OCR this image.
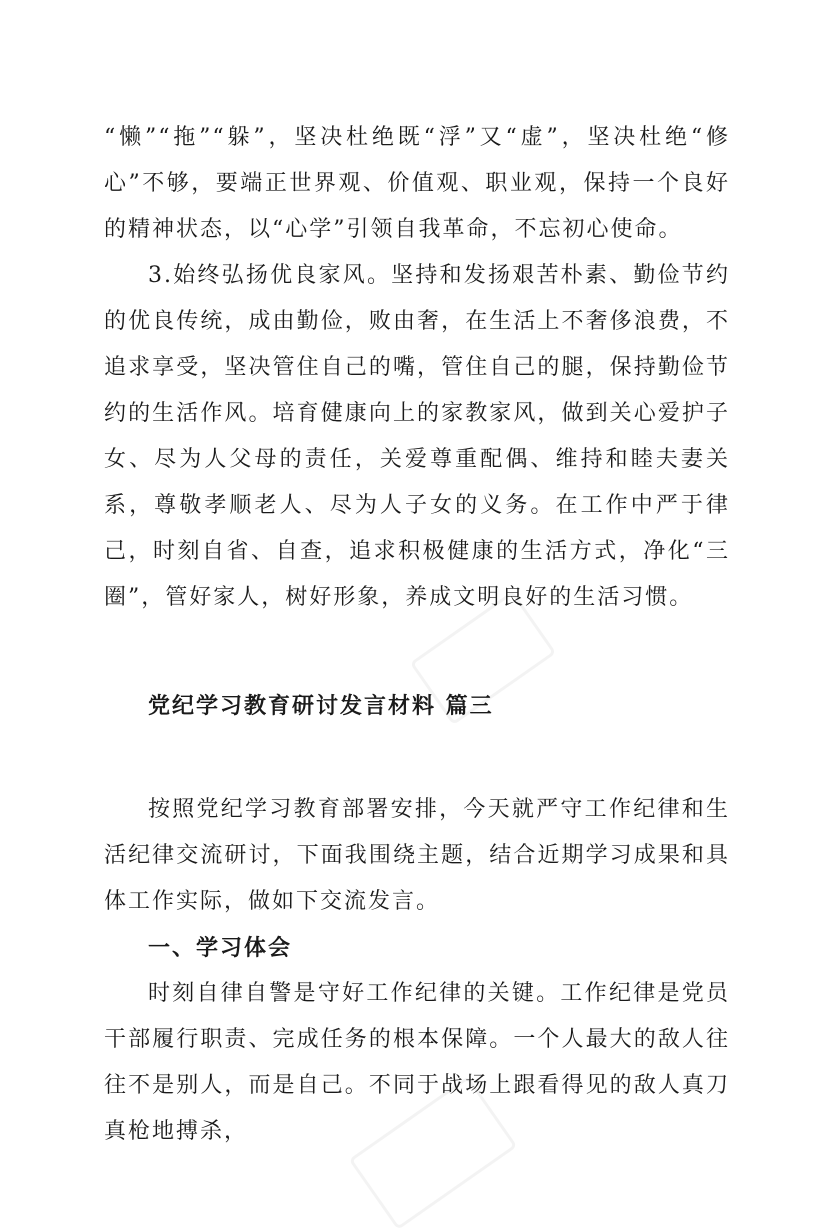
“懒”“拖”“躲”，坚决杜绝既“浮”又“虚”，坚决杜绝“修心”不够，要端正世界观、价值观、职业观，保持一个良好的精神状态，以“心学”引领自我革命，不忘初心使命。

3.始终弘扬优良家风。坚持和发扬艰苦朴素、勤俭节约的优良传统，成由勤俭，败由奢，在生活上不奢侈浪费，不追求享受，坚决管住自己的嘴，管住自己的腿，保持勤俭节约的生活作风。培育健康向上的家教家风，做到关心爱护子女、尽为人父母的责任，关爱尊重配偶、维持和睦夫妻关系，尊敬孝顺老人、尽为人子女的义务。在工作中严于律己，时刻自省、自查，追求积极健康的生活方式，净化“三圈”，管好家人，树好形象，养成文明良好的生活习惯。

党纪学习教育研讨发言材料 篇三

按照党纪学习教育部署安排，今天就严守工作纪律和生活纪律交流研讨，下面我围绕主题，结合近期学习成果和具体工作实际，做如下交流发言。

一、学习体会

时刻自律自警是守好工作纪律的关键。工作纪律是党员干部履行职责、完成任务的根本保障。一个人最大的敌人往往不是别人，而是自己。不同于战场上跟看得见的敌人真刀真枪地搏杀，
